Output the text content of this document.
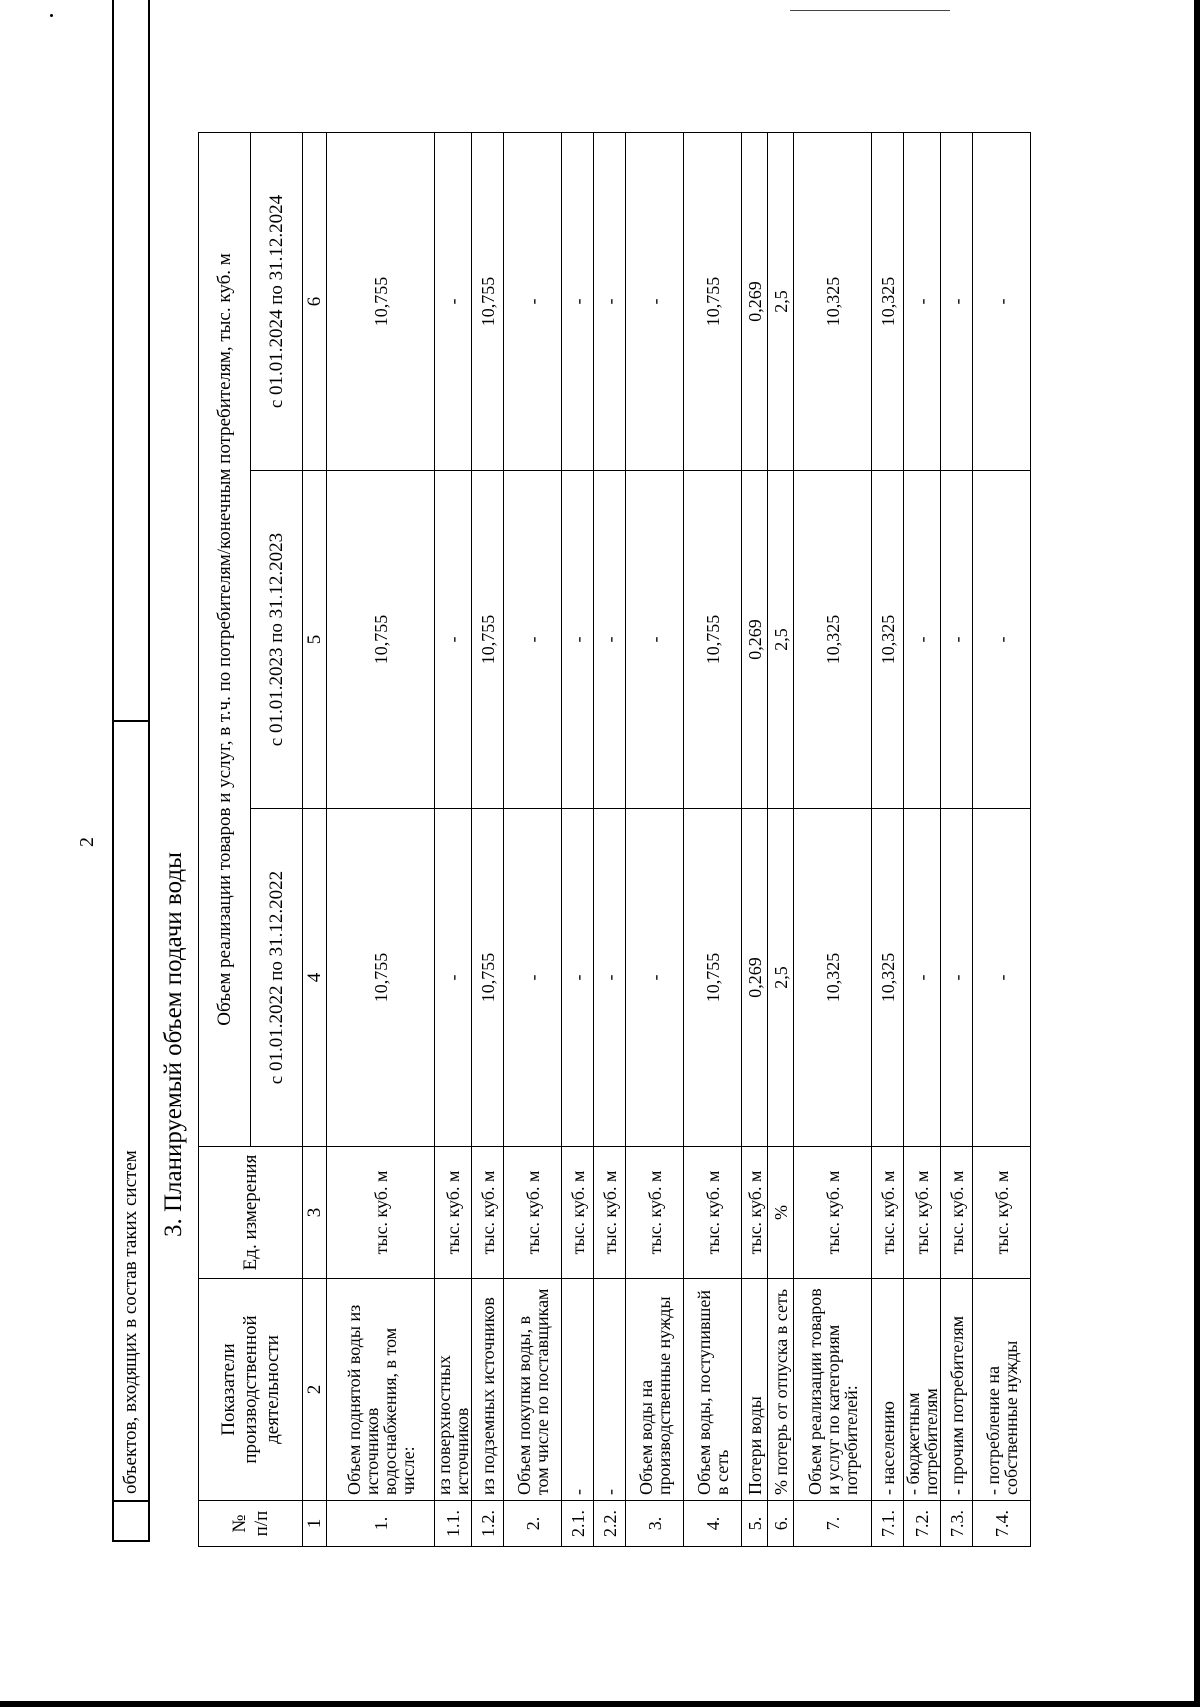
2
	объектов, входящих в состав таких систем	
3. Планируемый объем подачи воды
№ п/п	Показатели производственной деятельности	Ед. измерения	Объем реализации товаров и услуг, в т.ч. по потребителям/конечным потребителям, тыс. куб. м		
			с 01.01.2022 по 31.12.2022	с 01.01.2023 по 31.12.2023	с 01.01.2024 по 31.12.2024
1	2	3	4	5	6
1.	Объем поднятой воды из источников водоснабжения, в том числе:	тыс. куб. м	10,755	10,755	10,755
1.1.	из поверхностных источников	тыс. куб. м	-	-	-
1.2.	из подземных источников	тыс. куб. м	10,755	10,755	10,755
2.	Объем покупки воды, в том числе по поставщикам	тыс. куб. м	-	-	-
2.1.	-	тыс. куб. м	-	-	-
2.2.	-	тыс. куб. м	-	-	-
3.	Объем воды на производственные нужды	тыс. куб. м	-	-	-
4.	Объем воды, поступившей в сеть	тыс. куб. м	10,755	10,755	10,755
5.	Потери воды	тыс. куб. м	0,269	0,269	0,269
6.	% потерь от отпуска в сеть	%	2,5	2,5	2,5
7.	Объем реализации товаров и услуг по категориям потребителей:	тыс. куб. м	10,325	10,325	10,325
7.1.	- населению	тыс. куб. м	10,325	10,325	10,325
7.2.	- бюджетным потребителям	тыс. куб. м	-	-	-
7.3.	- прочим потребителям	тыс. куб. м	-	-	-
7.4.	- потребление на собственные нужды	тыс. куб. м	-	-	-
